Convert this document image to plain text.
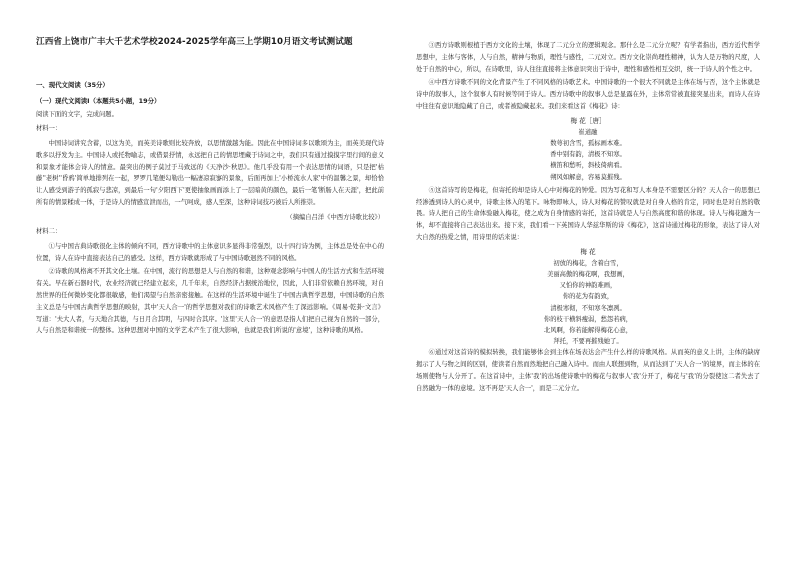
江西省上饶市广丰大千艺术学校2024-2025学年高三上学期10月语文考试测试题
一、现代文阅读（35分）
（一）现代文阅读Ⅰ（本题共5小题，19分）
阅读下面的文字，完成问题。
材料一：

中国诗词讲究含蓄，以这为美，而英美诗歌则比较奔放，以思情激越为能。因此在中国诗词多以歌颂为主，而英美现代诗歌多以抒发为主。中国诗人或托物喻志，或借景抒情，永远把自己的情思埋藏于诗词之中，我们只有通过摸摸字里行间的意义和景象才能体会诗人的情意。最突出的例子莫过于马致远的《天净沙·秋思》。他几乎没有用一个表达思情的词语，只是把'枯藤''老树''昏鸦'简单地排列在一起，罗罗几笔便勾勒出一幅凄凉寂寥的景象，后面再加上'小桥流水人家'中的温馨之景，却恰恰让人感受到游子的孤寂与悲凉，到最后一句'夕阳西下'更使抽象画面添上了一层暗黄的颜色，最后一笔'断肠人在天涯'，把此前所有的情景糅成一体，于是诗人的情感宣泄而出，一气呵成，感人至深，这种诗词技巧被后人所推崇。

（摘编自吕洋《中西方诗歌比较》）
材料二：

①与中国古典诗歌很化主体的倾向不同，西方诗歌中的主体意识多显得非常强烈，以十四行诗为例，主体总是处在中心的位置，诗人在诗中直接表达自己的感受。这样，西方诗歌就形成了与中国诗歌迥然不同的风格。

②诗歌的风格离不开其文化土壤。在中国，流行的思想是人与自然的和谐，这种观念影响与中国人的生活方式和生活环境有关。早在新石器时代，农业经济就已经建立起来，几千年来，自然经济占据统治地位，因此，人们非常依赖自然环境，对自然世界的任何微妙变化都很敏感，他们渴望与自然亲密接触。在这样的生活环境中诞生了中国古典哲学思想，中国诗歌的自然主义总是与中国古典哲学思想的映射，其中'天人合一'的哲学思想对我们的诗歌艺术风格产生了深远影响。《周易·乾卦·文言》写道：'夫大人者，与天地合其德，与日月合其明，与四时合其序。'这里'天人合一'的意思是指人们把自己视为自然的一部分，人与自然是和谐统一的整体。这种思想对中国的文学艺术产生了很大影响，也就是我们所说的'意境'，这种诗歌的风格。

③西方诗歌则根植于西方文化的土壤，体现了二元分立的逻辑观念。那什么是二元分立呢？有学者指出，西方近代哲学思想中，主体与客体，人与自然，精神与物质，理性与感性，二元对立。西方文化崇尚理性精神，认为人是万物的尺度，人处于自然的中心，所以，在诗歌里，诗人往往直接将主体意识突出于诗中，理性和感性相互交织，统一于诗人的个性之中。

④中西方诗歌不同的文化背景产生了不同风格的诗歌艺术。中国诗歌的一个很大不同就是主体在场与否，这个主体就是诗中的叙事人，这个叙事人有时候等同于诗人。西方诗歌中的叙事人总是显露在外，主体常常被直接突显出来，而诗人在诗中往往有意识地隐藏了自己，或者被隐藏起来。我们来看这首《梅花》诗：

梅 花［唐］
崔道融
数萼初含雪，孤标画本难。
香中别有韵，清极不知寒。
横笛和愁听，斜枝倚病看。
朔风如解意，容易莫摧残。

⑤这首诗写的是梅花，但寄托的却是诗人心中对梅花的钟爱。因为写花和写人本身是不需要区分的？天人合一的思想已经渗透到诗人的心灵中，诗歌主体入的笔下。咏物即咏人，诗人对梅花的赞叹就是对自身人格的肯定，同时也是对自然的敬畏。诗人把自己的生命体验融入梅花，使之成为自身情感的寄托，这首诗就是人与自然高度和谐的体现。诗人与梅花融为一体，却不直接将自己表达出来。接下来，我们看一下英国诗人华兹华斯的诗《梅花》，这首诗通过梅花的形象，表达了诗人对大自然的热爱之情，用诗里的话来说：

梅 花
初放的梅花，含着白雪，
美丽高傲的梅花啊，我想画，
又怕你的神韵难画，
你的花为有韵致，
清极寒彻，不知寒冬凛冽。
你的枝干横斜瘦弱，愁怨若病，
北风啊，你若能解得梅花心意，
拜托，不要再摧残她了。

⑥通过对这首诗的模拟转换，我们能够体会到主体在场表达会产生什么样的诗歌风格。从而英的意义上讲，主体的缺席揭示了人与物之间的区别，使读者自然而然地把自己融入诗中。而由人联想到物，从而达到了'天人合一'的境界，而主体的在场则使物与人分开了。在这首诗中，主体'我'的出场使诗歌中的梅花与叙事人'我'分开了，梅花与'我'的分裂使这二者失去了自然融为一体的意境。这不再是'天人合一'，而是二元分立。
